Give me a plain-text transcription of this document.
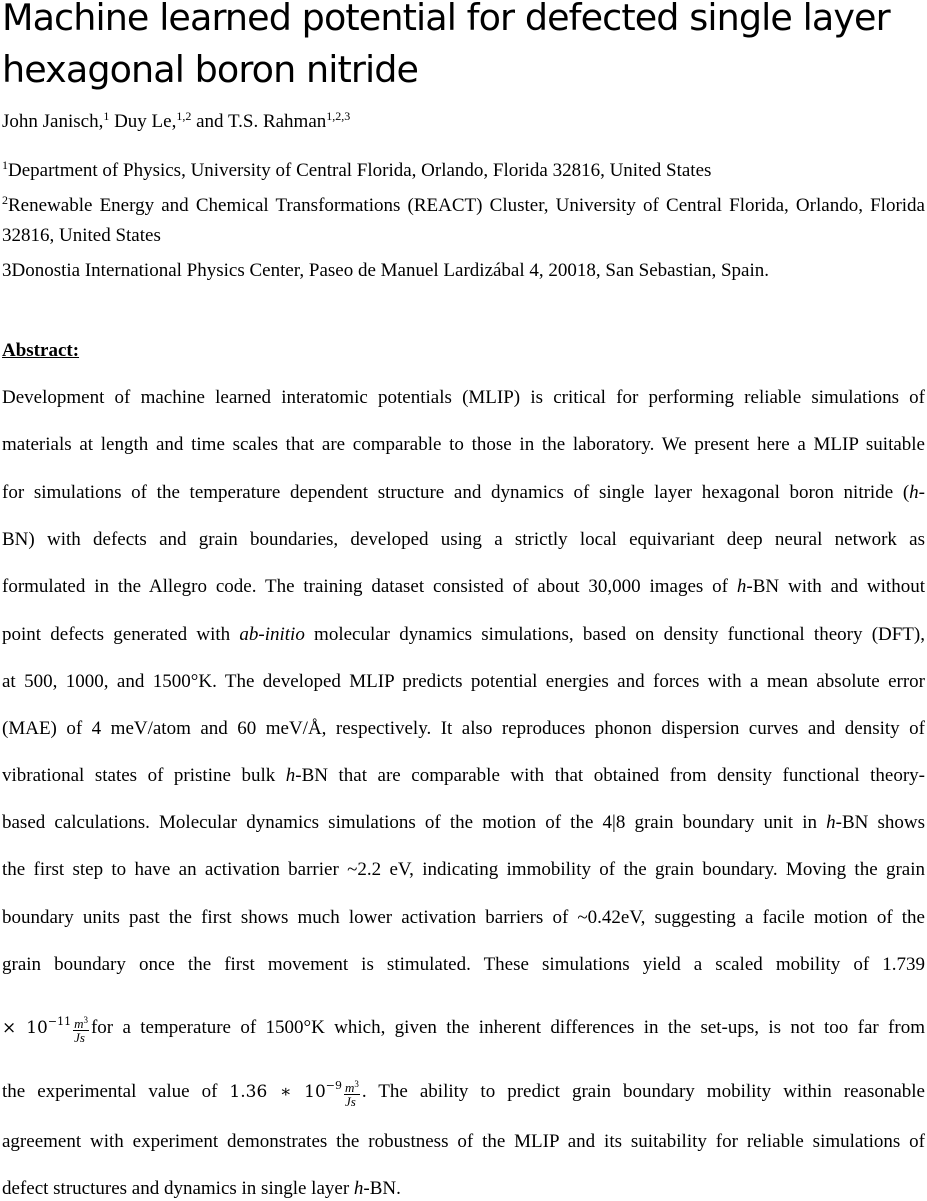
Machine learned potential for defected single layer
hexagonal boron nitride
John Janisch,$^1$ Duy Le,$^{1,2}$ and T.S. Rahman$^{1,2,3}$
$^1$Department of Physics, University of Central Florida, Orlando, Florida 32816, United States
$^2$Renewable Energy and Chemical Transformations (REACT) Cluster, University of Central Florida, Orlando, Florida 32816, United States
3Donostia International Physics Center, Paseo de Manuel Lardizábal 4, 20018, San Sebastian, Spain.
Abstract:
Development of machine learned interatomic potentials (MLIP) is critical for performing reliable simulations of
materials at length and time scales that are comparable to those in the laboratory. We present here a MLIP suitable
for simulations of the temperature dependent structure and dynamics of single layer hexagonal boron nitride (h-
BN) with defects and grain boundaries, developed using a strictly local equivariant deep neural network as
formulated in the Allegro code. The training dataset consisted of about 30,000 images of h-BN with and without
point defects generated with ab-initio molecular dynamics simulations, based on density functional theory (DFT),
at 500, 1000, and 1500°K. The developed MLIP predicts potential energies and forces with a mean absolute error
(MAE) of 4 meV/atom and 60 meV/Å, respectively. It also reproduces phonon dispersion curves and density of
vibrational states of pristine bulk h-BN that are comparable with that obtained from density functional theory-
based calculations. Molecular dynamics simulations of the motion of the 4|8 grain boundary unit in h-BN shows
the first step to have an activation barrier ~2.2 eV, indicating immobility of the grain boundary. Moving the grain
boundary units past the first shows much lower activation barriers of ~0.42eV, suggesting a facile motion of the
grain boundary once the first movement is stimulated. These simulations yield a scaled mobility of 1.739
× $10^{-11} \frac{m^3}{Js}$ for a temperature of 1500°K which, given the inherent differences in the set-ups, is not too far from
the experimental value of 1.36 ∗ $10^{-9} \frac{m^3}{Js}$ . The ability to predict grain boundary mobility within reasonable
agreement with experiment demonstrates the robustness of the MLIP and its suitability for reliable simulations of
defect structures and dynamics in single layer h-BN.
